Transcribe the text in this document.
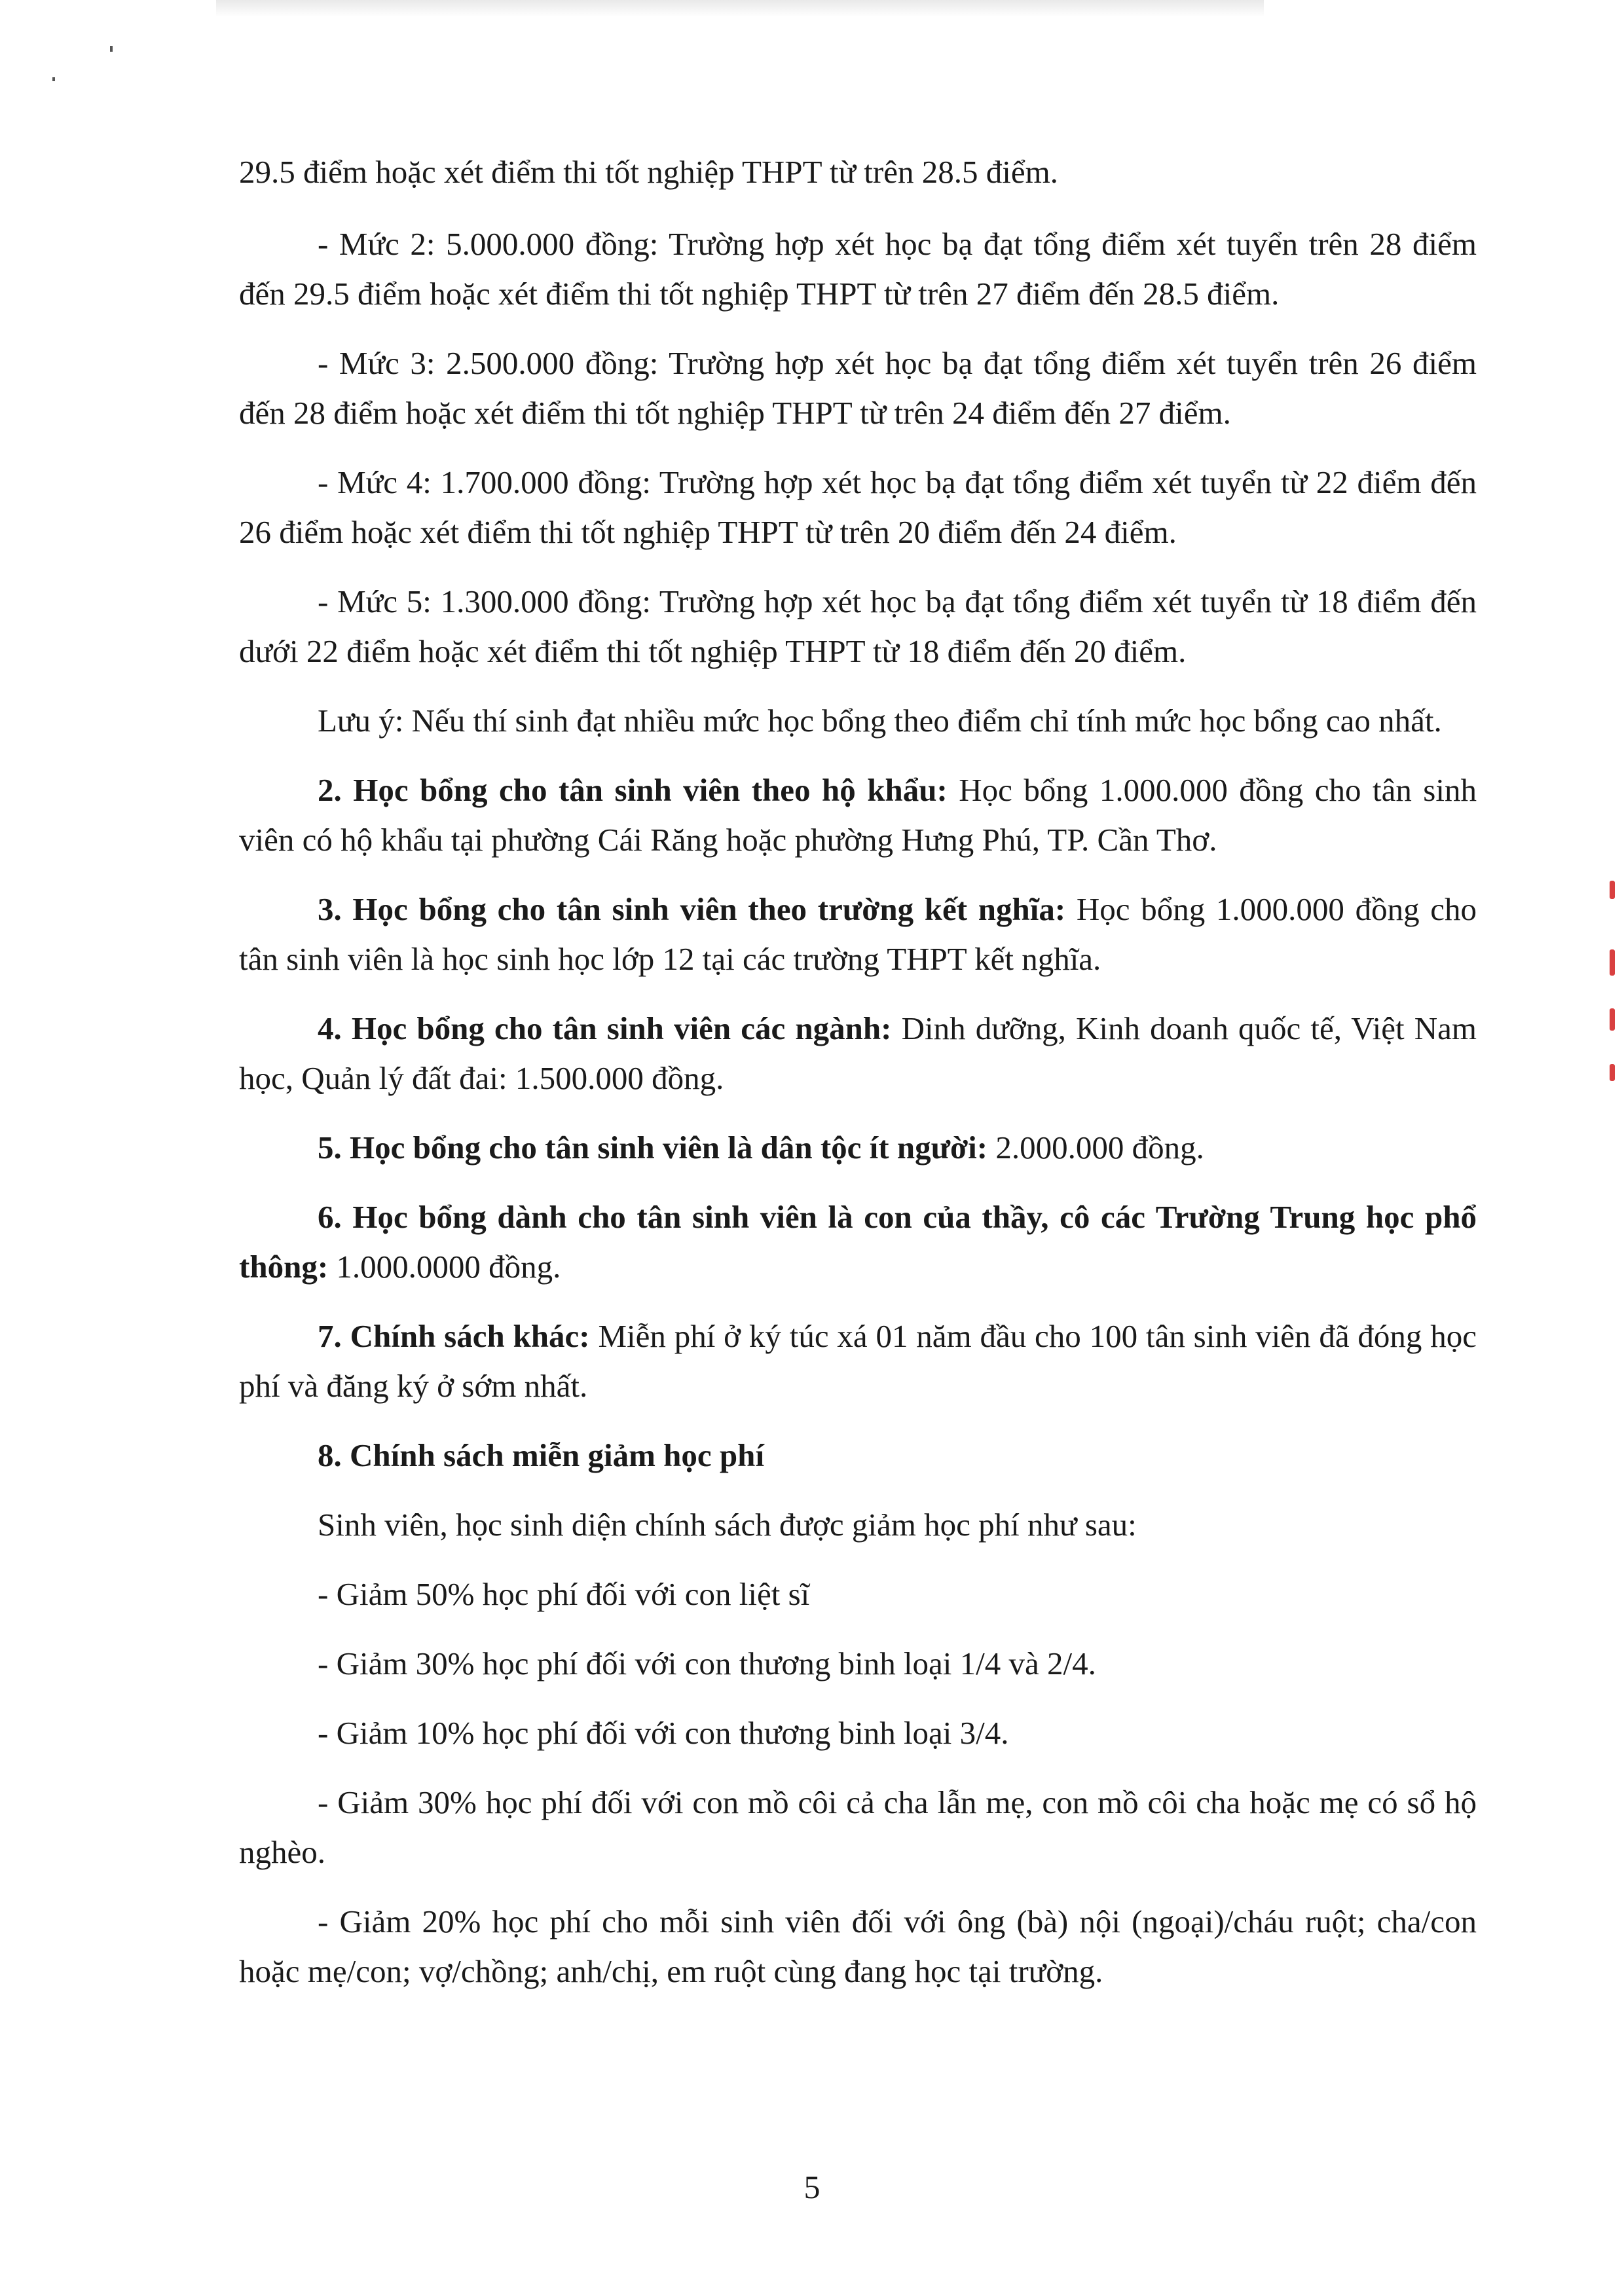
29.5 điểm hoặc xét điểm thi tốt nghiệp THPT từ trên 28.5 điểm.

- Mức 2: 5.000.000 đồng: Trường hợp xét học bạ đạt tổng điểm xét tuyển trên 28 điểm đến 29.5 điểm hoặc xét điểm thi tốt nghiệp THPT từ trên 27 điểm đến 28.5 điểm.

- Mức 3: 2.500.000 đồng: Trường hợp xét học bạ đạt tổng điểm xét tuyển trên 26 điểm đến 28 điểm hoặc xét điểm thi tốt nghiệp THPT từ trên 24 điểm đến 27 điểm.

- Mức 4: 1.700.000 đồng: Trường hợp xét học bạ đạt tổng điểm xét tuyển từ 22 điểm đến 26 điểm hoặc xét điểm thi tốt nghiệp THPT từ trên 20 điểm đến 24 điểm.

- Mức 5: 1.300.000 đồng: Trường hợp xét học bạ đạt tổng điểm xét tuyển từ 18 điểm đến dưới 22 điểm hoặc xét điểm thi tốt nghiệp THPT từ 18 điểm đến 20 điểm.

Lưu ý: Nếu thí sinh đạt nhiều mức học bổng theo điểm chỉ tính mức học bổng cao nhất.

2. Học bổng cho tân sinh viên theo hộ khẩu: Học bổng 1.000.000 đồng cho tân sinh viên có hộ khẩu tại phường Cái Răng hoặc phường Hưng Phú, TP. Cần Thơ.

3. Học bổng cho tân sinh viên theo trường kết nghĩa: Học bổng 1.000.000 đồng cho tân sinh viên là học sinh học lớp 12 tại các trường THPT kết nghĩa.

4. Học bổng cho tân sinh viên các ngành: Dinh dưỡng, Kinh doanh quốc tế, Việt Nam học, Quản lý đất đai: 1.500.000 đồng.

5. Học bổng cho tân sinh viên là dân tộc ít người: 2.000.000 đồng.

6. Học bổng dành cho tân sinh viên là con của thầy, cô các Trường Trung học phổ thông: 1.000.0000 đồng.

7. Chính sách khác: Miễn phí ở ký túc xá 01 năm đầu cho 100 tân sinh viên đã đóng học phí và đăng ký ở sớm nhất.

8. Chính sách miễn giảm học phí

Sinh viên, học sinh diện chính sách được giảm học phí như sau:

- Giảm 50% học phí đối với con liệt sĩ

- Giảm 30% học phí đối với con thương binh loại 1/4 và 2/4.

- Giảm 10% học phí đối với con thương binh loại 3/4.

- Giảm 30% học phí đối với con mồ côi cả cha lẫn mẹ, con mồ côi cha hoặc mẹ có sổ hộ nghèo.

- Giảm 20% học phí cho mỗi sinh viên đối với ông (bà) nội (ngoại)/cháu ruột; cha/con hoặc mẹ/con; vợ/chồng; anh/chị, em ruột cùng đang học tại trường.

5
